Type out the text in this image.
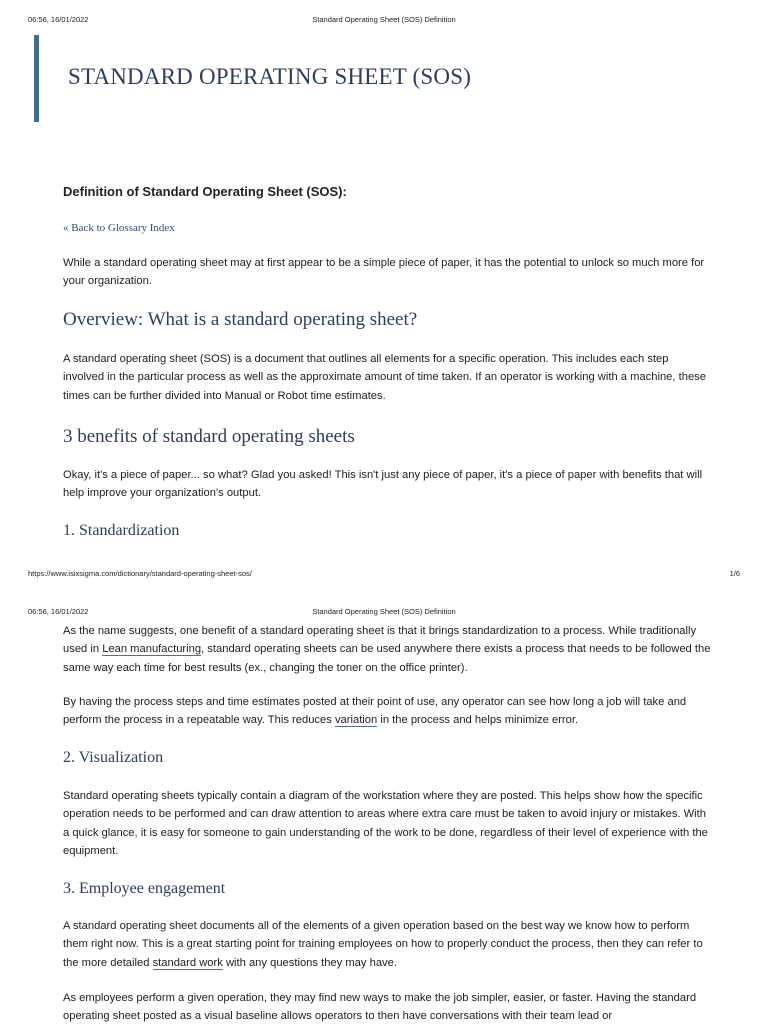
06:56, 16/01/2022	Standard Operating Sheet (SOS) Definition
STANDARD OPERATING SHEET (SOS)
Definition of Standard Operating Sheet (SOS):
« Back to Glossary Index

While a standard operating sheet may at first appear to be a simple piece of paper, it has the potential to unlock so much more for your organization.

Overview: What is a standard operating sheet?

A standard operating sheet (SOS) is a document that outlines all elements for a specific operation. This includes each step involved in the particular process as well as the approximate amount of time taken. If an operator is working with a machine, these times can be further divided into Manual or Robot time estimates.

3 benefits of standard operating sheets

Okay, it's a piece of paper... so what? Glad you asked! This isn't just any piece of paper, it's a piece of paper with benefits that will help improve your organization's output.

1. Standardization
https://www.isixsigma.com/dictionary/standard-operating-sheet-sos/	1/6
06:56, 16/01/2022	Standard Operating Sheet (SOS) Definition

As the name suggests, one benefit of a standard operating sheet is that it brings standardization to a process. While traditionally used in Lean manufacturing, standard operating sheets can be used anywhere there exists a process that needs to be followed the same way each time for best results (ex., changing the toner on the office printer).

By having the process steps and time estimates posted at their point of use, any operator can see how long a job will take and perform the process in a repeatable way. This reduces variation in the process and helps minimize error.

2. Visualization

Standard operating sheets typically contain a diagram of the workstation where they are posted. This helps show how the specific operation needs to be performed and can draw attention to areas where extra care must be taken to avoid injury or mistakes. With a quick glance, it is easy for someone to gain understanding of the work to be done, regardless of their level of experience with the equipment.

3. Employee engagement

A standard operating sheet documents all of the elements of a given operation based on the best way we know how to perform them right now. This is a great starting point for training employees on how to properly conduct the process, then they can refer to the more detailed standard work with any questions they may have.

As employees perform a given operation, they may find new ways to make the job simpler, easier, or faster. Having the standard operating sheet posted as a visual baseline allows operators to then have conversations with their team lead or
